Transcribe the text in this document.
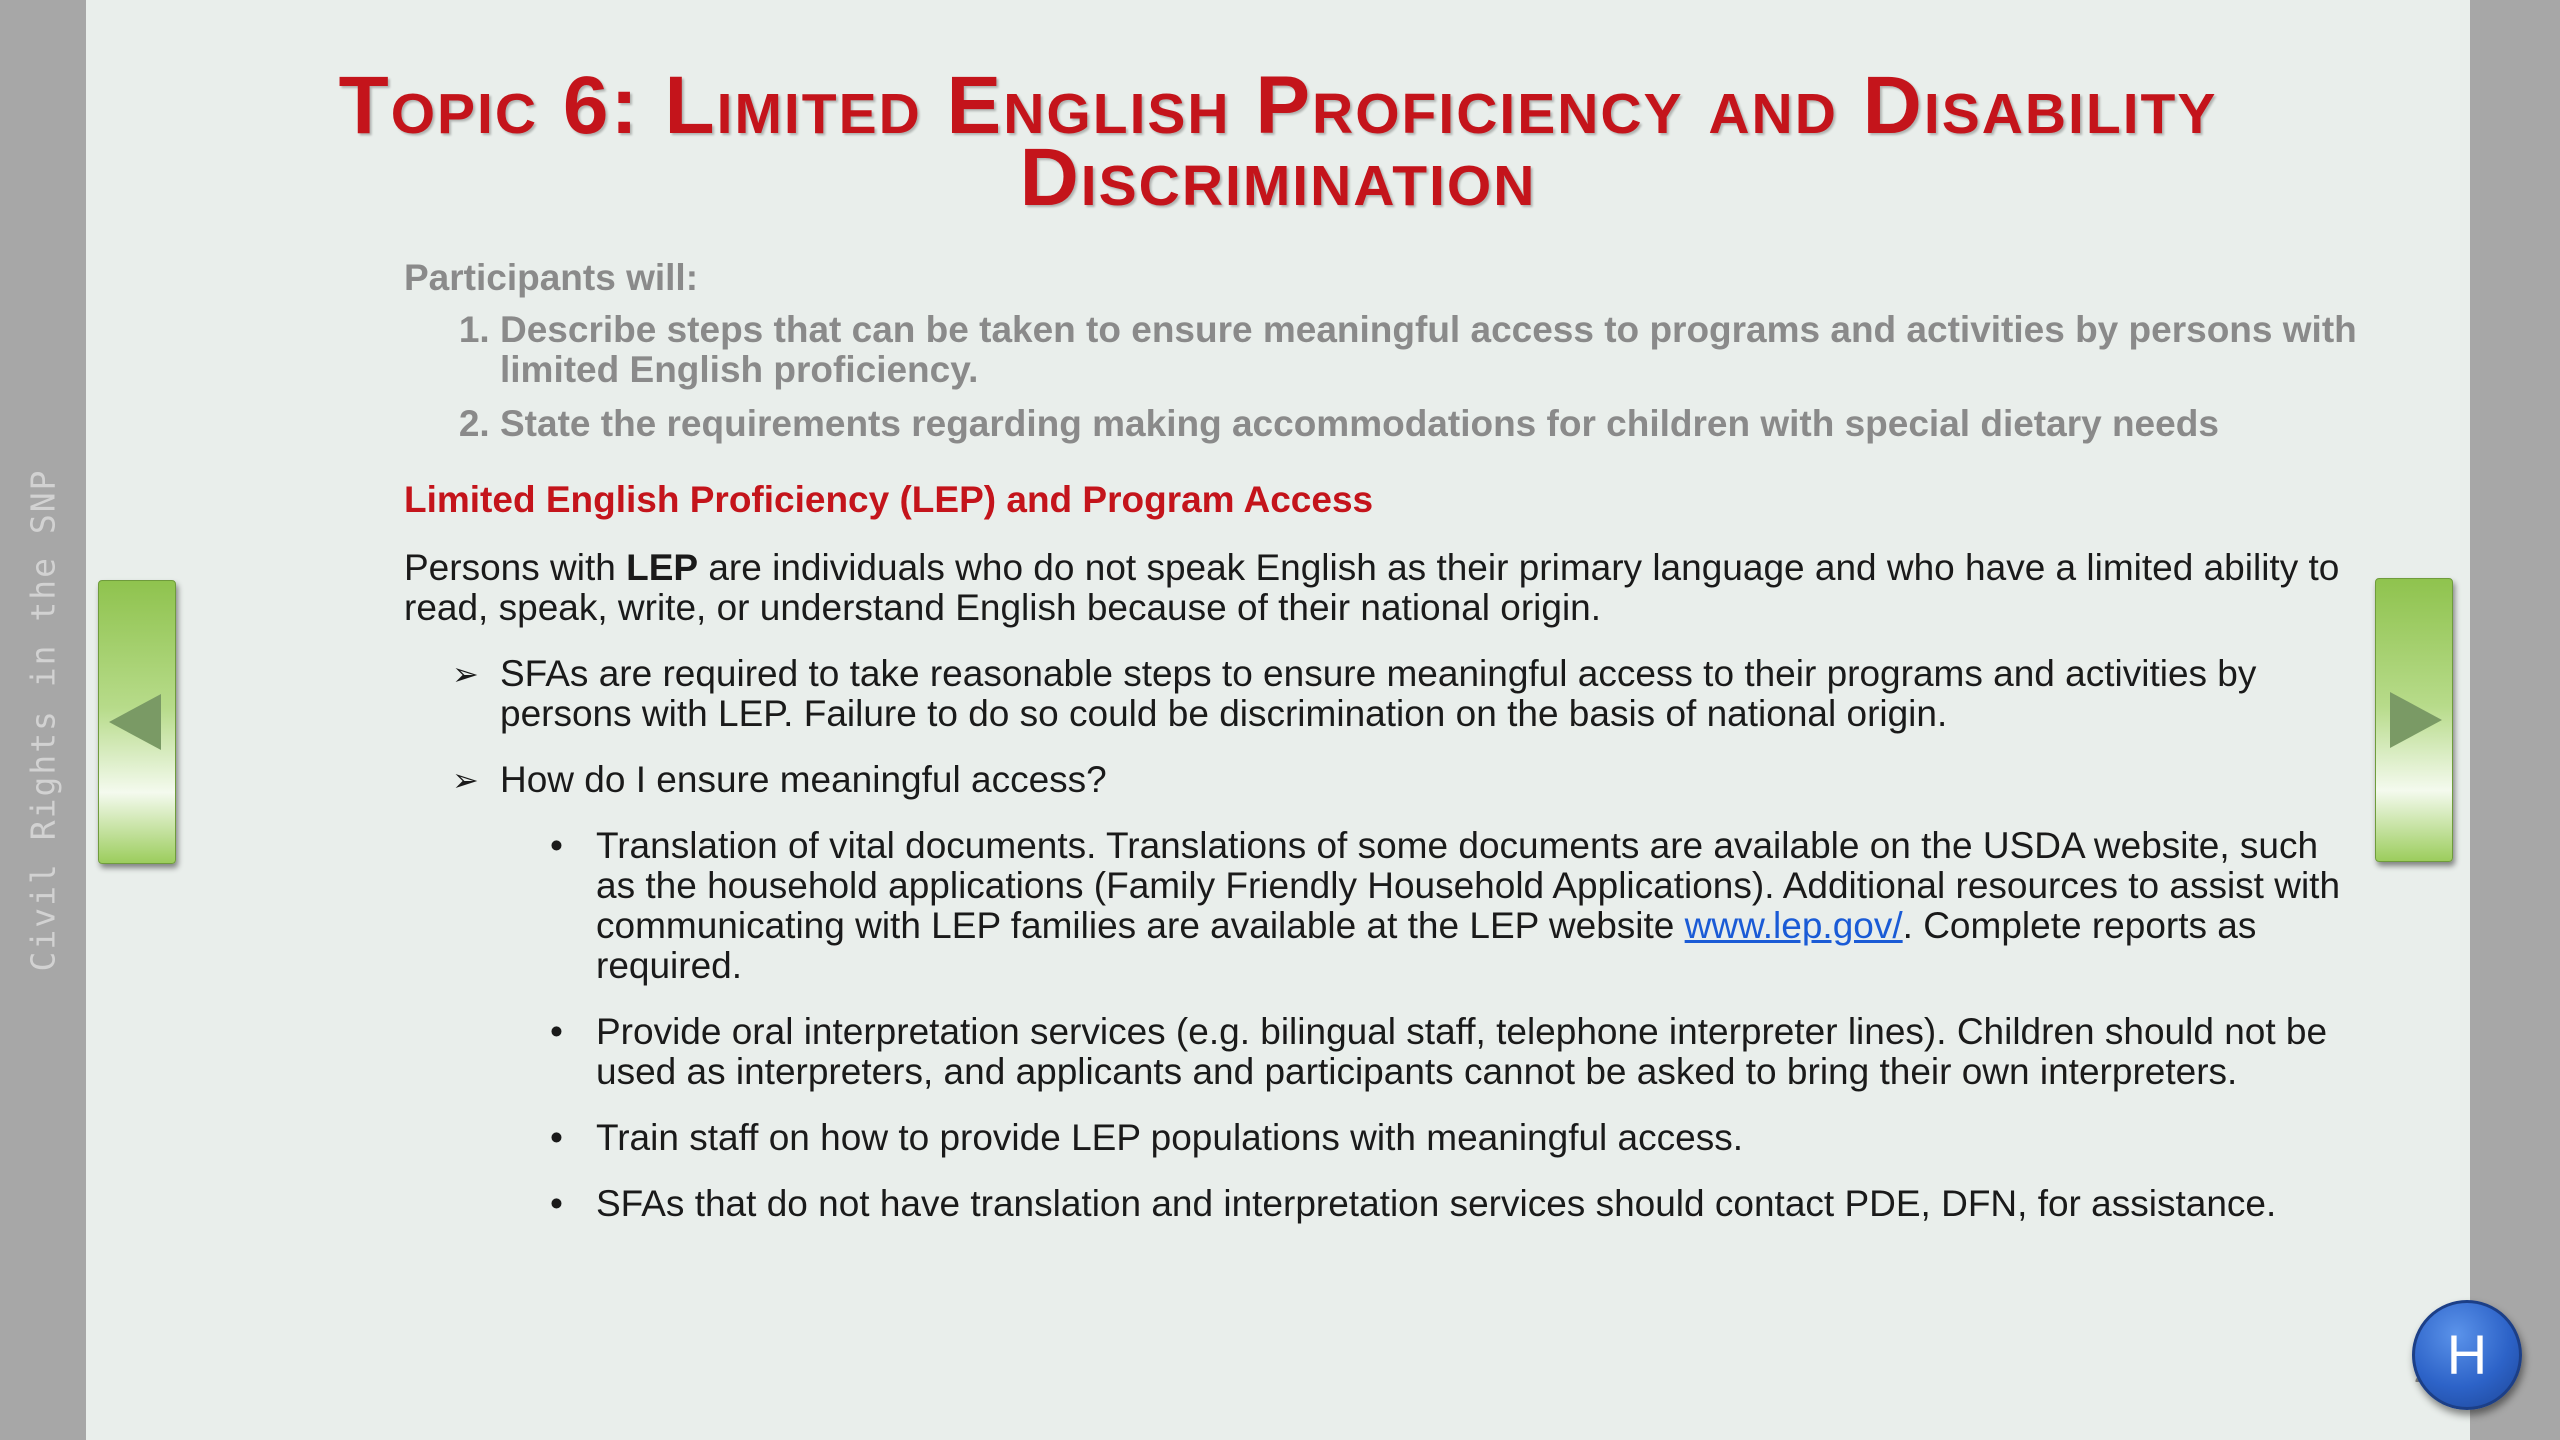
Civil Rights in the SNP
Topic 6: Limited English Proficiency and Disability
Discrimination
Participants will:
1. Describe steps that can be taken to ensure meaningful access to programs and activities by persons with limited English proficiency.
2. State the requirements regarding making accommodations for children with special dietary needs
Limited English Proficiency (LEP) and Program Access

Persons with LEP are individuals who do not speak English as their primary language and who have a limited ability to read, speak, write, or understand English because of their national origin.

➢ SFAs are required to take reasonable steps to ensure meaningful access to their programs and activities by persons with LEP. Failure to do so could be discrimination on the basis of national origin.
➢ How do I ensure meaningful access?
• Translation of vital documents. Translations of some documents are available on the USDA website, such as the household applications (Family Friendly Household Applications). Additional resources to assist with communicating with LEP families are available at the LEP website www.lep.gov/. Complete reports as required.
• Provide oral interpretation services (e.g. bilingual staff, telephone interpreter lines). Children should not be used as interpreters, and applicants and participants cannot be asked to bring their own interpreters.
• Train staff on how to provide LEP populations with meaningful access.
• SFAs that do not have translation and interpretation services should contact PDE, DFN, for assistance.
H
